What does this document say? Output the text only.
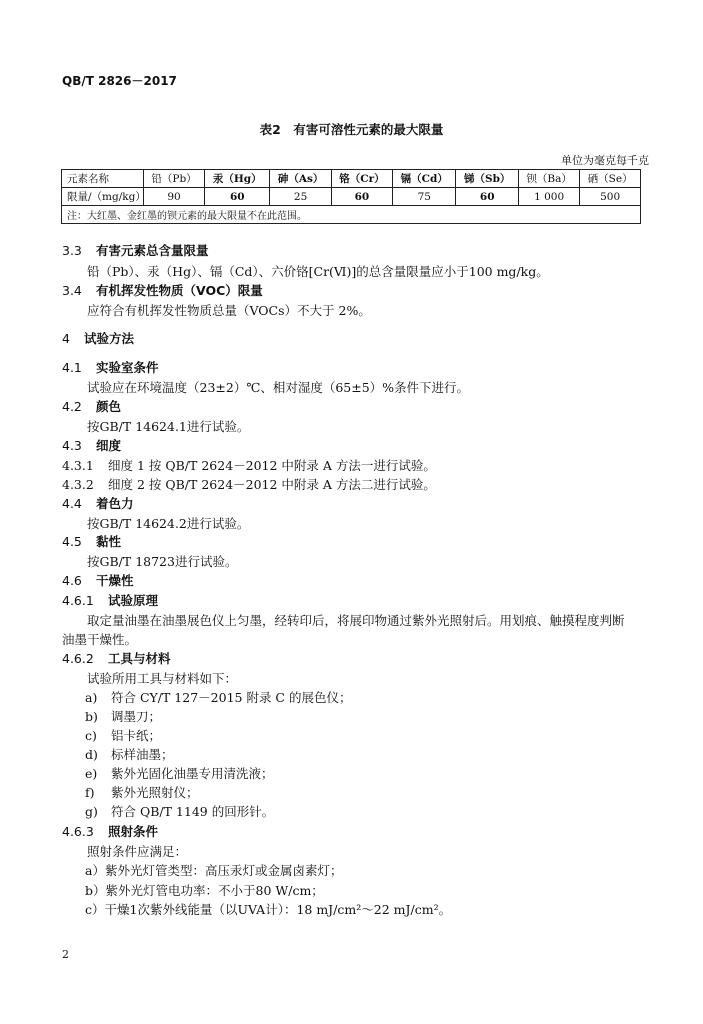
QB/T 2826－2017
表2　有害可溶性元素的最大限量
单位为毫克每千克
元素名称	铅（Pb）	汞（Hg）	砷（As）	铬（Cr）	镉（Cd）	锑（Sb）	钡（Ba）	硒（Se）
限量/（mg/kg）	90	60	25	60	75	60	1 000	500
注：大红墨、金红墨的钡元素的最大限量不在此范围。								
3.3 有害元素总含量限量
铅（Pb）、汞（Hg）、镉（Cd）、六价铬[Cr(Ⅵ)]的总含量限量应小于100 mg/kg。
3.4 有机挥发性物质（VOC）限量
应符合有机挥发性物质总量（VOCs）不大于 2%。
4 试验方法
4.1 实验室条件
试验应在环境温度（23±2）℃、相对湿度（65±5）%条件下进行。
4.2 颜色
按GB/T 14624.1进行试验。
4.3 细度
4.3.1 细度 1 按 QB/T 2624－2012 中附录 A 方法一进行试验。
4.3.2 细度 2 按 QB/T 2624－2012 中附录 A 方法二进行试验。
4.4 着色力
按GB/T 14624.2进行试验。
4.5 黏性
按GB/T 18723进行试验。
4.6 干燥性
4.6.1 试验原理
取定量油墨在油墨展色仪上匀墨，经转印后，将展印物通过紫外光照射后。用划痕、触摸程度判断
油墨干燥性。
4.6.2 工具与材料
试验所用工具与材料如下：
a) 符合 CY/T 127－2015 附录 C 的展色仪；
b) 调墨刀；
c) 铝卡纸；
d) 标样油墨；
e) 紫外光固化油墨专用清洗液；
f) 紫外光照射仪；
g) 符合 QB/T 1149 的回形针。
4.6.3 照射条件
照射条件应满足：
a）紫外光灯管类型：高压汞灯或金属卤素灯；
b）紫外光灯管电功率：不小于80 W/cm；
c）干燥1次紫外线能量（以UVA计）：18 mJ/cm²～22 mJ/cm²。
2
